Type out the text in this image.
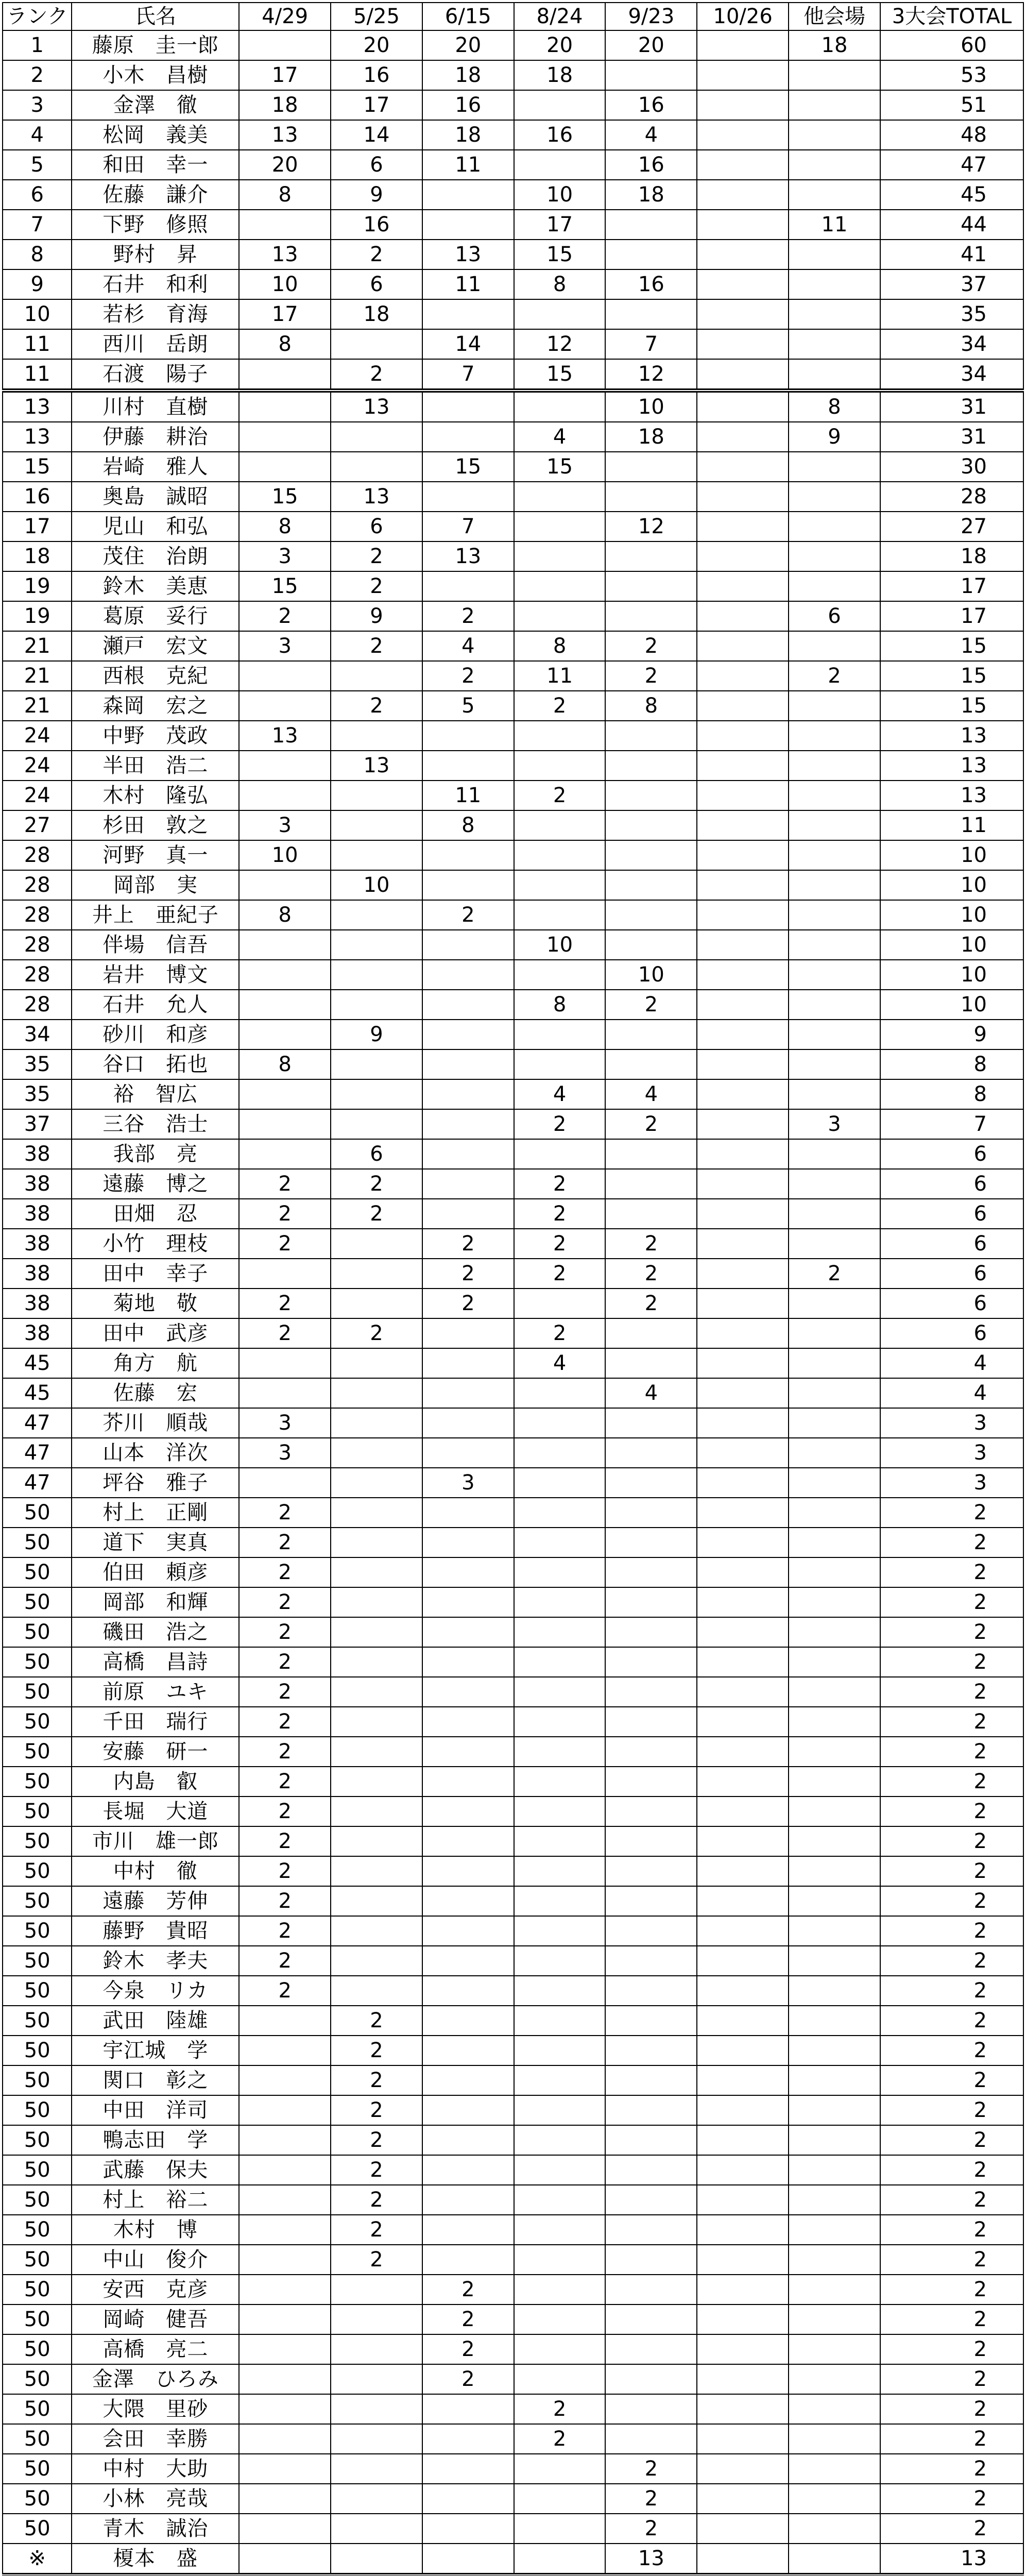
ランク	氏名	4/29	5/25	6/15	8/24	9/23	10/26	他会場	3大会TOTAL
1	藤原　圭一郎		20	20	20	20		18	60
2	小木　昌樹	17	16	18	18				53
3	金澤　徹	18	17	16		16			51
4	松岡　義美	13	14	18	16	4			48
5	和田　幸一	20	6	11		16			47
6	佐藤　謙介	8	9		10	18			45
7	下野　修照		16		17			11	44
8	野村　昇	13	2	13	15				41
9	石井　和利	10	6	11	8	16			37
10	若杉　育海	17	18						35
11	西川　岳朗	8		14	12	7			34
11	石渡　陽子		2	7	15	12			34
13	川村　直樹		13			10		8	31
13	伊藤　耕治				4	18		9	31
15	岩崎　雅人			15	15				30
16	奥島　誠昭	15	13						28
17	児山　和弘	8	6	7		12			27
18	茂住　治朗	3	2	13					18
19	鈴木　美恵	15	2						17
19	葛原　妥行	2	9	2				6	17
21	瀬戸　宏文	3	2	4	8	2			15
21	西根　克紀			2	11	2		2	15
21	森岡　宏之		2	5	2	8			15
24	中野　茂政	13							13
24	半田　浩二		13						13
24	木村　隆弘			11	2				13
27	杉田　敦之	3		8					11
28	河野　真一	10							10
28	岡部　実		10						10
28	井上　亜紀子	8		2					10
28	伴場　信吾				10				10
28	岩井　博文					10			10
28	石井　允人				8	2			10
34	砂川　和彦		9						9
35	谷口　拓也	8							8
35	裕　智広				4	4			8
37	三谷　浩士				2	2		3	7
38	我部　亮		6						6
38	遠藤　博之	2	2		2				6
38	田畑　忍	2	2		2				6
38	小竹　理枝	2		2	2	2			6
38	田中　幸子			2	2	2		2	6
38	菊地　敬	2		2		2			6
38	田中　武彦	2	2		2				6
45	角方　航				4				4
45	佐藤　宏					4			4
47	芥川　順哉	3							3
47	山本　洋次	3							3
47	坪谷　雅子			3					3
50	村上　正剛	2							2
50	道下　実真	2							2
50	伯田　頼彦	2							2
50	岡部　和輝	2							2
50	磯田　浩之	2							2
50	高橋　昌詩	2							2
50	前原　ユキ	2							2
50	千田　瑞行	2							2
50	安藤　研一	2							2
50	内島　叡	2							2
50	長堀　大道	2							2
50	市川　雄一郎	2							2
50	中村　徹	2							2
50	遠藤　芳伸	2							2
50	藤野　貴昭	2							2
50	鈴木　孝夫	2							2
50	今泉　リカ	2							2
50	武田　陸雄		2						2
50	宇江城　学		2						2
50	関口　彰之		2						2
50	中田　洋司		2						2
50	鴨志田　学		2						2
50	武藤　保夫		2						2
50	村上　裕二		2						2
50	木村　博		2						2
50	中山　俊介		2						2
50	安西　克彦			2					2
50	岡崎　健吾			2					2
50	高橋　亮二			2					2
50	金澤　ひろみ			2					2
50	大隈　里砂				2				2
50	会田　幸勝				2				2
50	中村　大助					2			2
50	小林　亮哉					2			2
50	青木　誠治					2			2
※	榎本　盛					13			13
